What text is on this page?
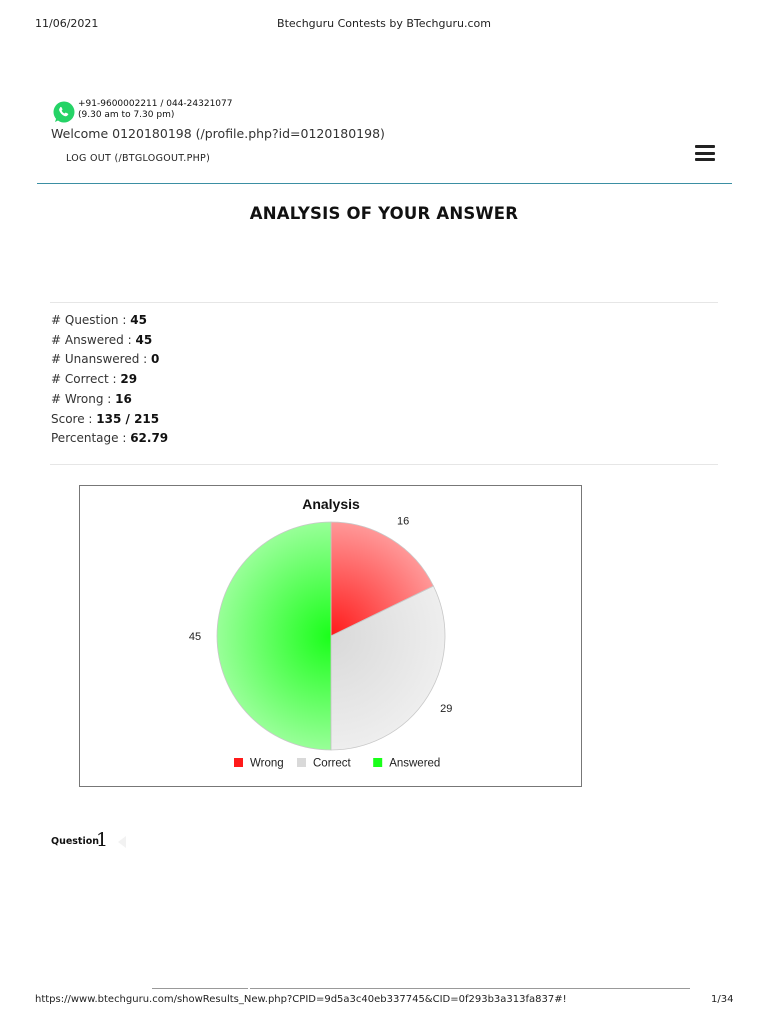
11/06/2021	Btechguru Contests by BTechguru.com
+91-9600002211 / 044-24321077
(9.30 am to 7.30 pm)
Welcome 0120180198 (/profile.php?id=0120180198)
LOG OUT (/BTGLOGOUT.PHP)
ANALYSIS OF YOUR ANSWER
# Question : 45
# Answered : 45
# Unanswered : 0
# Correct : 29
# Wrong : 16
Score : 135 / 215
Percentage : 62.79
Analysis
16
29
45
Wrong	Correct	Answered
Question
1
https://www.btechguru.com/showResults_New.php?CPID=9d5a3c40eb337745&CID=0f293b3a313fa837#!	1/34
